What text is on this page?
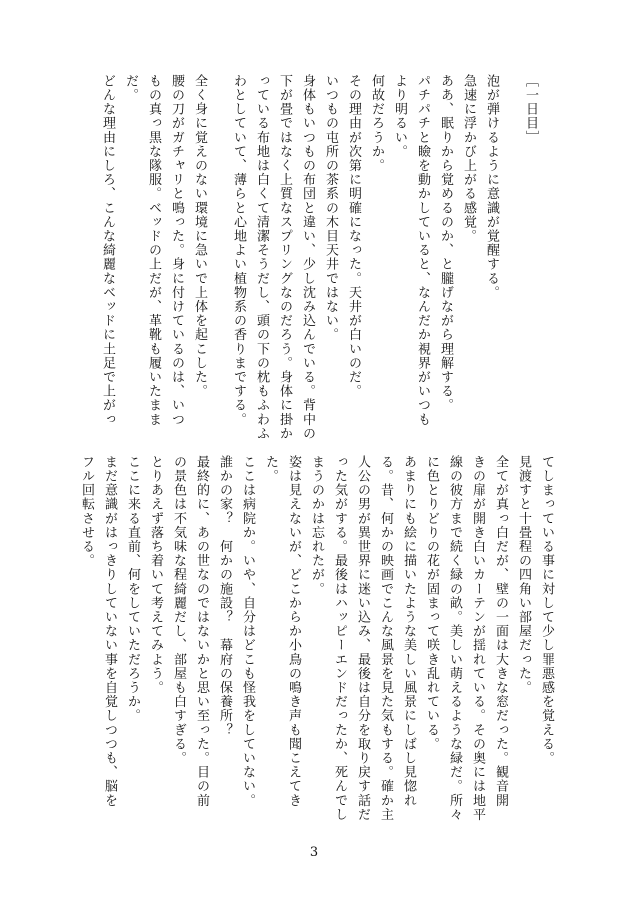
［一日目］
泡が弾けるように意識が覚醒する。
急速に浮かび上がる感覚。
ああ、眠りから覚めるのか、と朧げながら理解する。
パチパチと瞼を動かしていると、なんだか視界がいつも
より明るい。
何故だろうか。
その理由が次第に明確になった。天井が白いのだ。
いつもの屯所の茶系の木目天井ではない。
身体もいつもの布団と違い、少し沈み込んでいる。背中の
下が畳ではなく上質なスプリングなのだろう。身体に掛か
っている布地は白くて清潔そうだし、頭の下の枕もふわふ
わとしていて、薄らと心地よい植物系の香りまでする。
全く身に覚えのない環境に急いで上体を起こした。
腰の刀がガチャリと鳴った。身に付けているのは、いつ
もの真っ黒な隊服。ベッドの上だが、革靴も履いたまま
だ。
どんな理由にしろ、こんな綺麗なベッドに土足で上がっ
てしまっている事に対して少し罪悪感を覚える。
見渡すと十畳程の四角い部屋だった。
全てが真っ白だが、壁の一面は大きな窓だった。観音開
きの扉が開き白いカーテンが揺れている。その奥には地平
線の彼方まで続く緑の畝。美しい萌えるような緑だ。所々
に色とりどりの花が固まって咲き乱れている。
あまりにも絵に描いたような美しい風景にしばし見惚れ
る。昔、何かの映画でこんな風景を見た気もする。確か主
人公の男が異世界に迷い込み、最後は自分を取り戻す話だ
った気がする。最後はハッピーエンドだったか、死んでし
まうのかは忘れたが。
姿は見えないが、どこからか小鳥の鳴き声も聞こえてき
た。
ここは病院か。いや、自分はどこも怪我をしていない。
誰かの家？　何かの施設？　幕府の保養所？
最終的に、あの世なのではないかと思い至った。目の前
の景色は不気味な程綺麗だし、部屋も白すぎる。
とりあえず落ち着いて考えてみよう。
ここに来る直前、何をしていただろうか。
まだ意識がはっきりしていない事を自覚しつつも、脳を
フル回転させる。
3
